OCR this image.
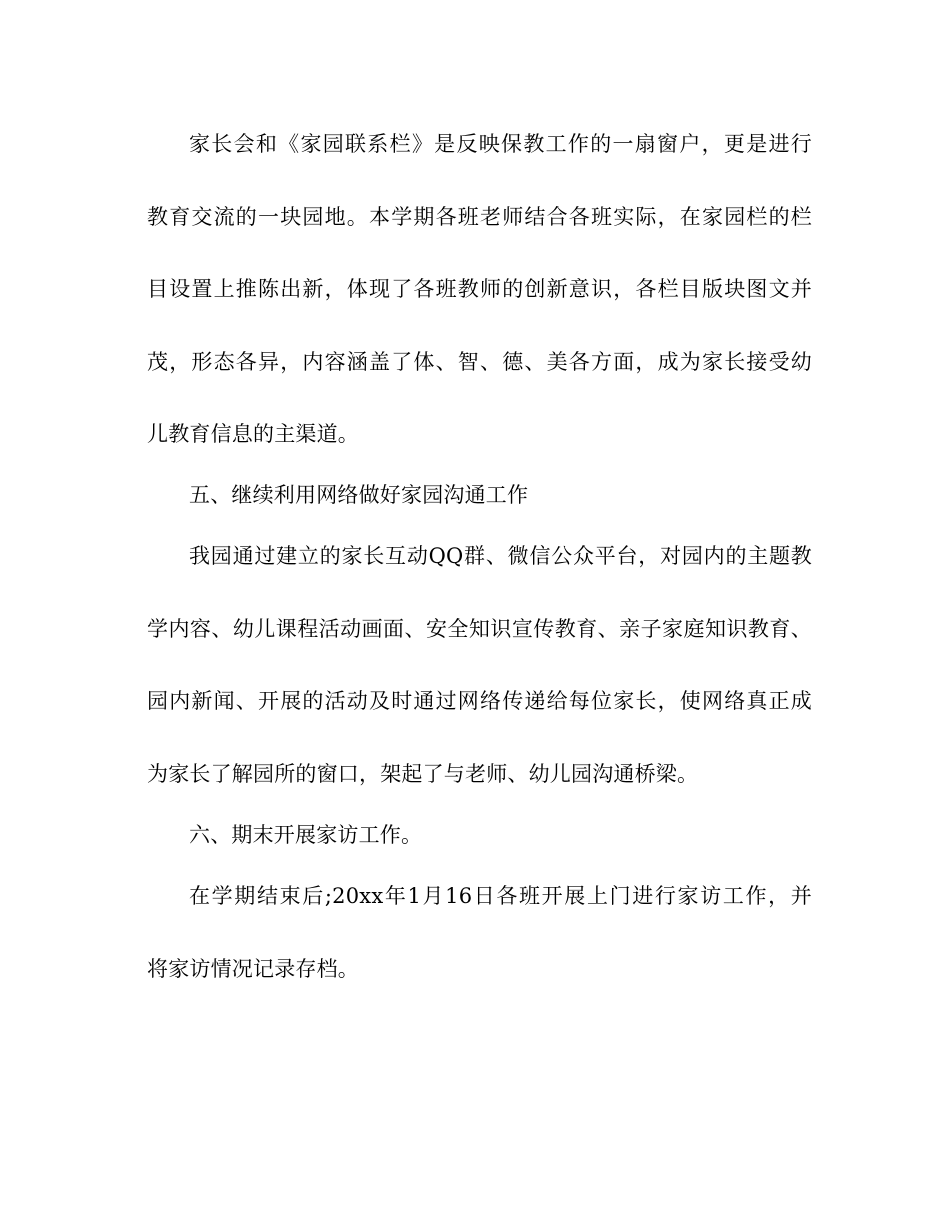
家长会和《家园联系栏》是反映保教工作的一扇窗户，更是进行
教育交流的一块园地。本学期各班老师结合各班实际，在家园栏的栏
目设置上推陈出新，体现了各班教师的创新意识，各栏目版块图文并
茂，形态各异，内容涵盖了体、智、德、美各方面，成为家长接受幼
儿教育信息的主渠道。
五、继续利用网络做好家园沟通工作
我园通过建立的家长互动QQ群、微信公众平台，对园内的主题教
学内容、幼儿课程活动画面、安全知识宣传教育、亲子家庭知识教育、
园内新闻、开展的活动及时通过网络传递给每位家长，使网络真正成
为家长了解园所的窗口，架起了与老师、幼儿园沟通桥梁。
六、期末开展家访工作。
在学期结束后;20xx年1月16日各班开展上门进行家访工作，并
将家访情况记录存档。
